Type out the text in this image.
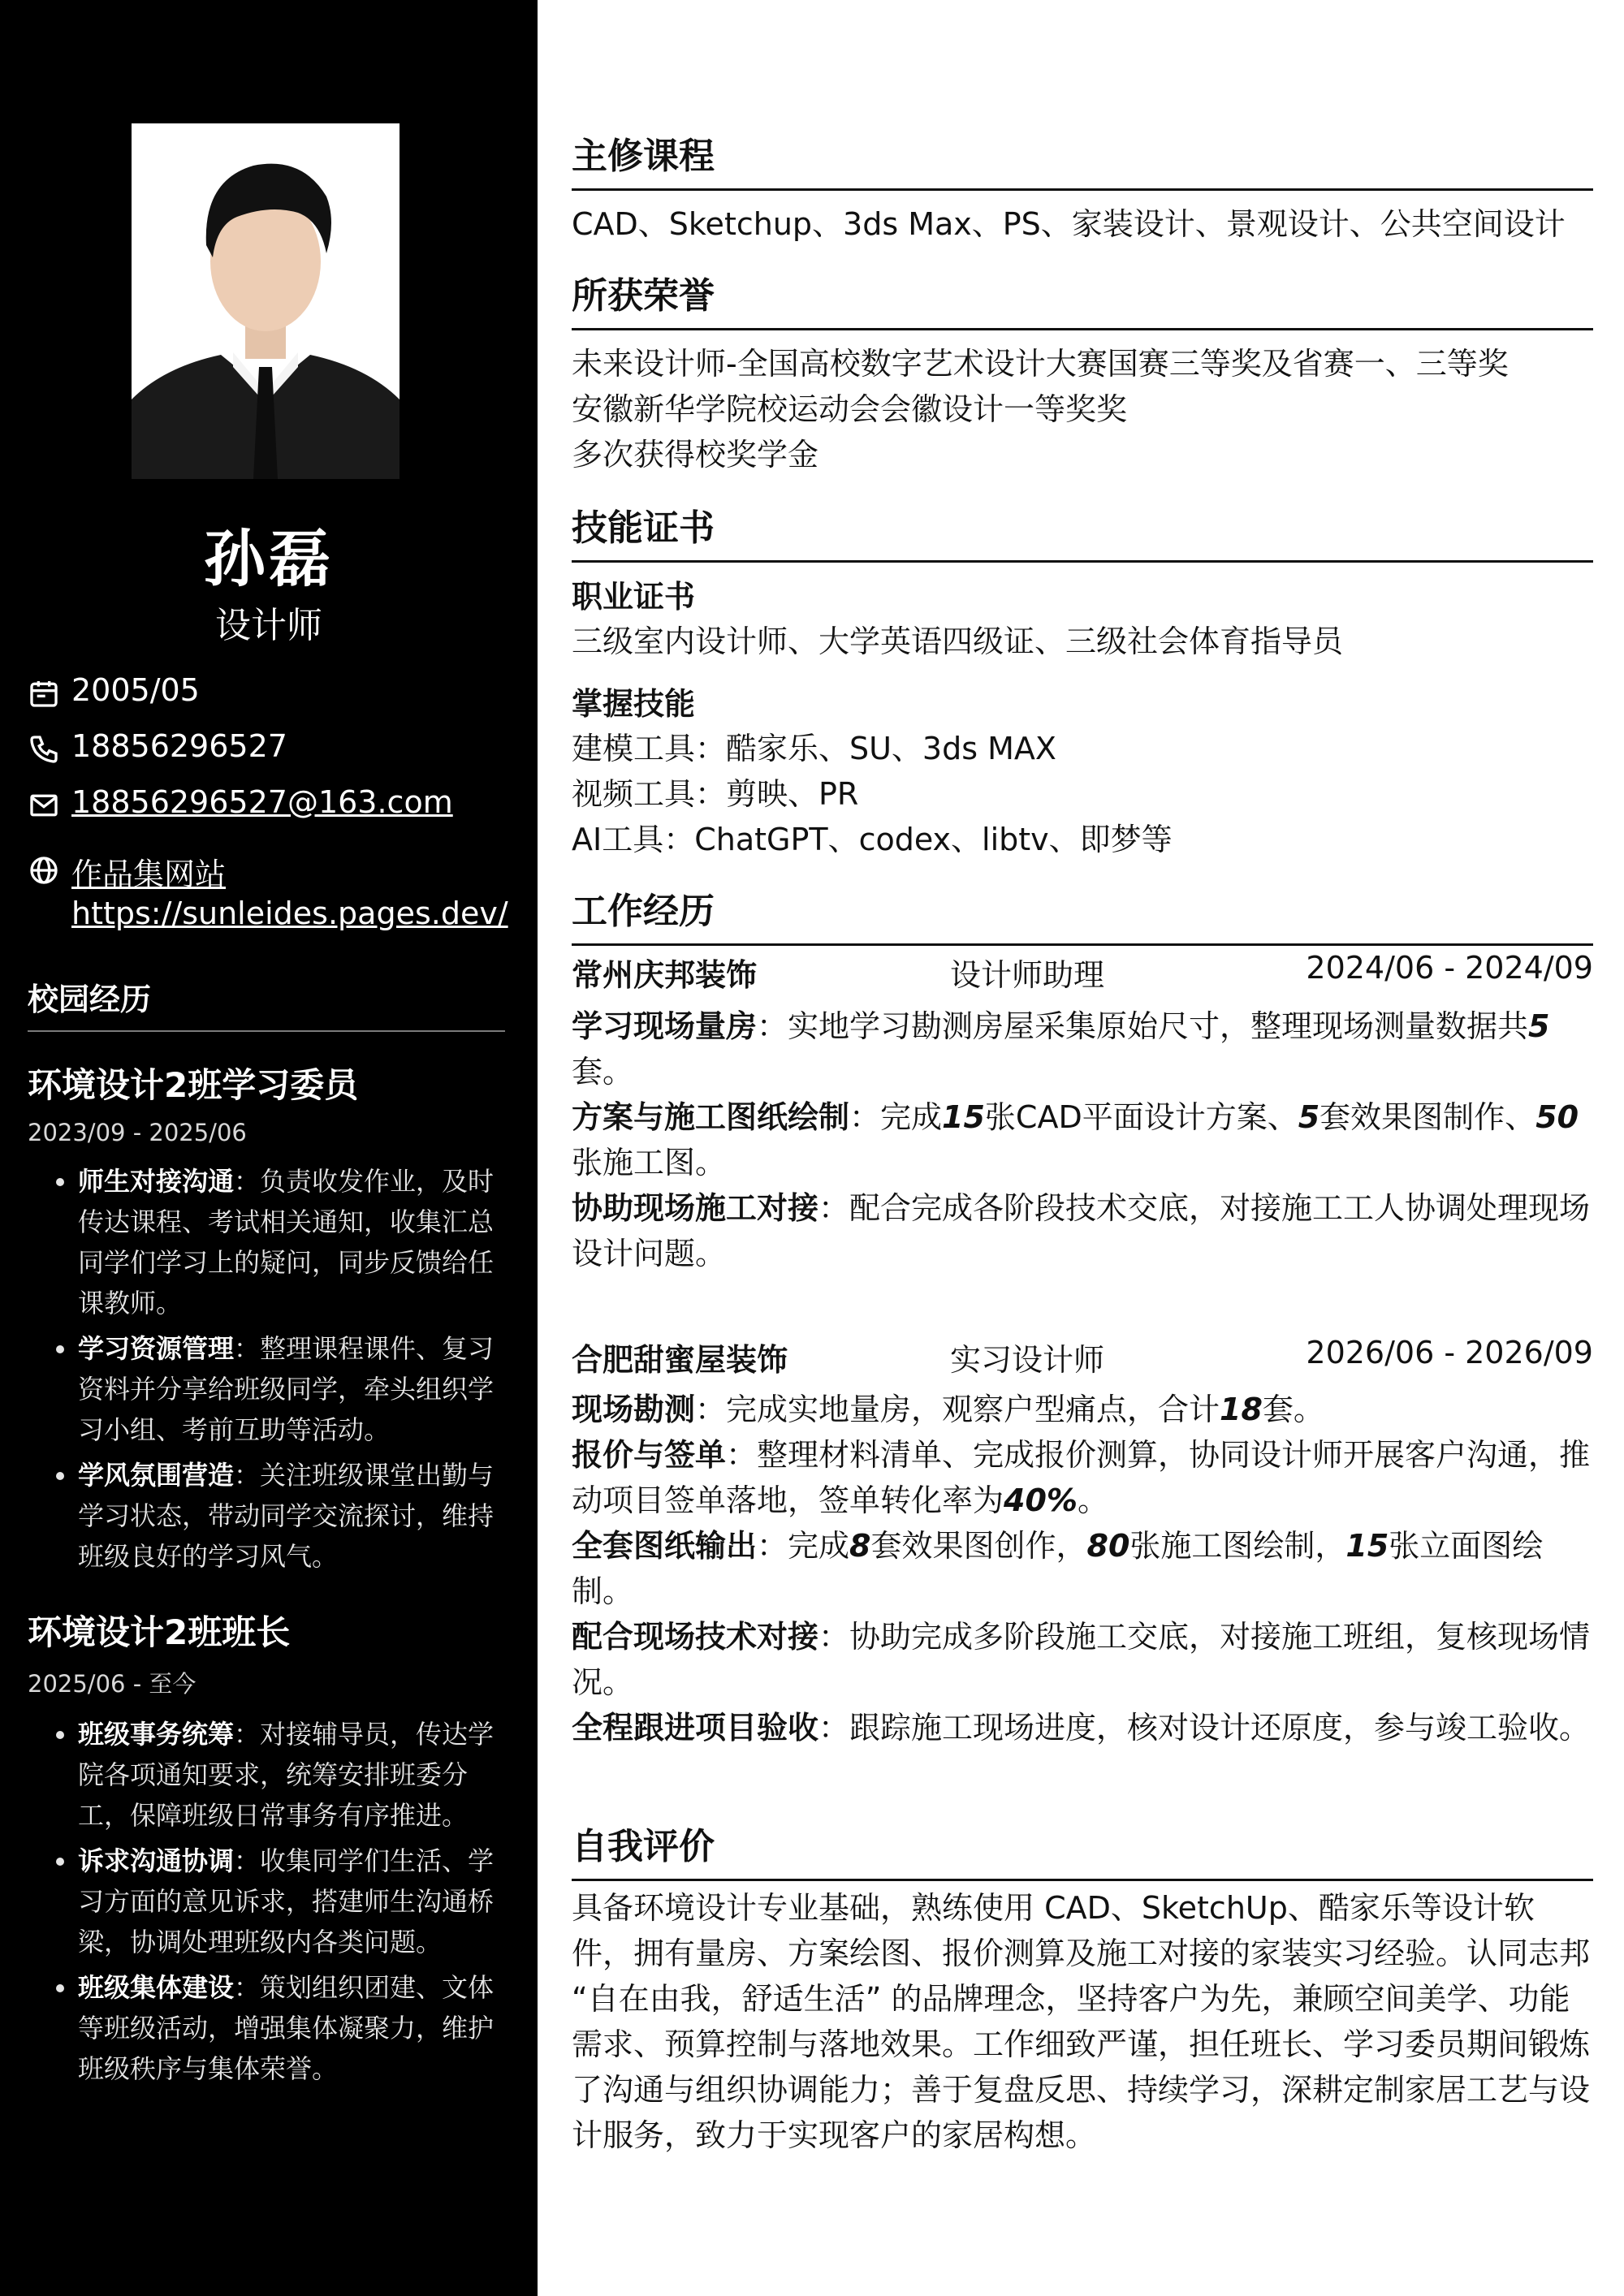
孙磊
设计师
2005/05
18856296527
18856296527@163.com
作品集网站
https://sunleides.pages.dev/
校园经历
环境设计2班学习委员
2023/09 - 2025/06
• 师生对接沟通：负责收发作业，及时传达课程、考试相关通知，收集汇总同学们学习上的疑问，同步反馈给任课教师。
• 学习资源管理：整理课程课件、复习资料并分享给班级同学，牵头组织学习小组、考前互助等活动。
• 学风氛围营造：关注班级课堂出勤与学习状态，带动同学交流探讨，维持班级良好的学习风气。
环境设计2班班长
2025/06 - 至今
• 班级事务统筹：对接辅导员，传达学院各项通知要求，统筹安排班委分工，保障班级日常事务有序推进。
• 诉求沟通协调：收集同学们生活、学习方面的意见诉求，搭建师生沟通桥梁，协调处理班级内各类问题。
• 班级集体建设：策划组织团建、文体等班级活动，增强集体凝聚力，维护班级秩序与集体荣誉。
主修课程
CAD、Sketchup、3ds Max、PS、家装设计、景观设计、公共空间设计
所获荣誉
未来设计师-全国高校数字艺术设计大赛国赛三等奖及省赛一、三等奖
安徽新华学院校运动会会徽设计一等奖奖
多次获得校奖学金
技能证书
职业证书
三级室内设计师、大学英语四级证、三级社会体育指导员
掌握技能
建模工具：酷家乐、SU、3ds MAX
视频工具：剪映、PR
AI工具：ChatGPT、codex、libtv、即梦等
工作经历
常州庆邦装饰	设计师助理	2024/06 - 2024/09
学习现场量房：实地学习勘测房屋采集原始尺寸，整理现场测量数据共5套。
方案与施工图纸绘制：完成15张CAD平面设计方案、5套效果图制作、50张施工图。
协助现场施工对接：配合完成各阶段技术交底，对接施工工人协调处理现场设计问题。
合肥甜蜜屋装饰	实习设计师	2026/06 - 2026/09
现场勘测：完成实地量房，观察户型痛点，合计18套。
报价与签单：整理材料清单、完成报价测算，协同设计师开展客户沟通，推动项目签单落地，签单转化率为40%。
全套图纸输出：完成8套效果图创作，80张施工图绘制，15张立面图绘制。
配合现场技术对接：协助完成多阶段施工交底，对接施工班组，复核现场情况。
全程跟进项目验收：跟踪施工现场进度，核对设计还原度，参与竣工验收。
自我评价
具备环境设计专业基础，熟练使用 CAD、SketchUp、酷家乐等设计软件，拥有量房、方案绘图、报价测算及施工对接的家装实习经验。认同志邦 “自在由我，舒适生活” 的品牌理念，坚持客户为先，兼顾空间美学、功能需求、预算控制与落地效果。工作细致严谨，担任班长、学习委员期间锻炼了沟通与组织协调能力；善于复盘反思、持续学习，深耕定制家居工艺与设计服务，致力于实现客户的家居构想。
